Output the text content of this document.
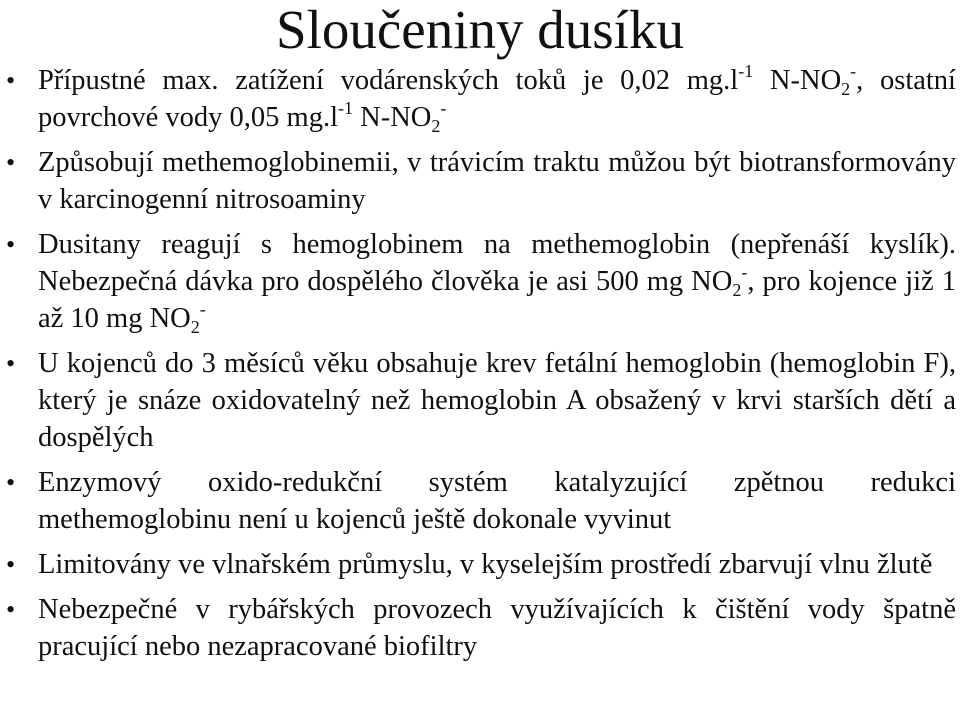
Sloučeniny dusíku
• Přípustné max. zatížení vodárenských toků je 0,02 $mg.l^{-1}$ $N-NO_2^-$, ostatní povrchové vody 0,05 $mg.l^{-1}$ $N-NO_2^-$
• Způsobují methemoglobinemii, v trávicím traktu můžou být biotransformovány v karcinogenní nitrosoaminy
• Dusitany reagují s hemoglobinem na methemoglobin (nepřenáší kyslík). Nebezpečná dávka pro dospělého člověka je asi 500 mg $NO_2^-$, pro kojence již 1 až 10 mg $NO_2^-$
• U kojenců do 3 měsíců věku obsahuje krev fetální hemoglobin (hemoglobin F), který je snáze oxidovatelný než hemoglobin A obsažený v krvi starších dětí a dospělých
• Enzymový oxido-redukční systém katalyzující zpětnou redukci methemoglobinu není u kojenců ještě dokonale vyvinut
• Limitovány ve vlnařském průmyslu, v kyselejším prostředí zbarvují vlnu žlutě
• Nebezpečné v rybářských provozech využívajících k čištění vody špatně pracující nebo nezapracované biofiltry
